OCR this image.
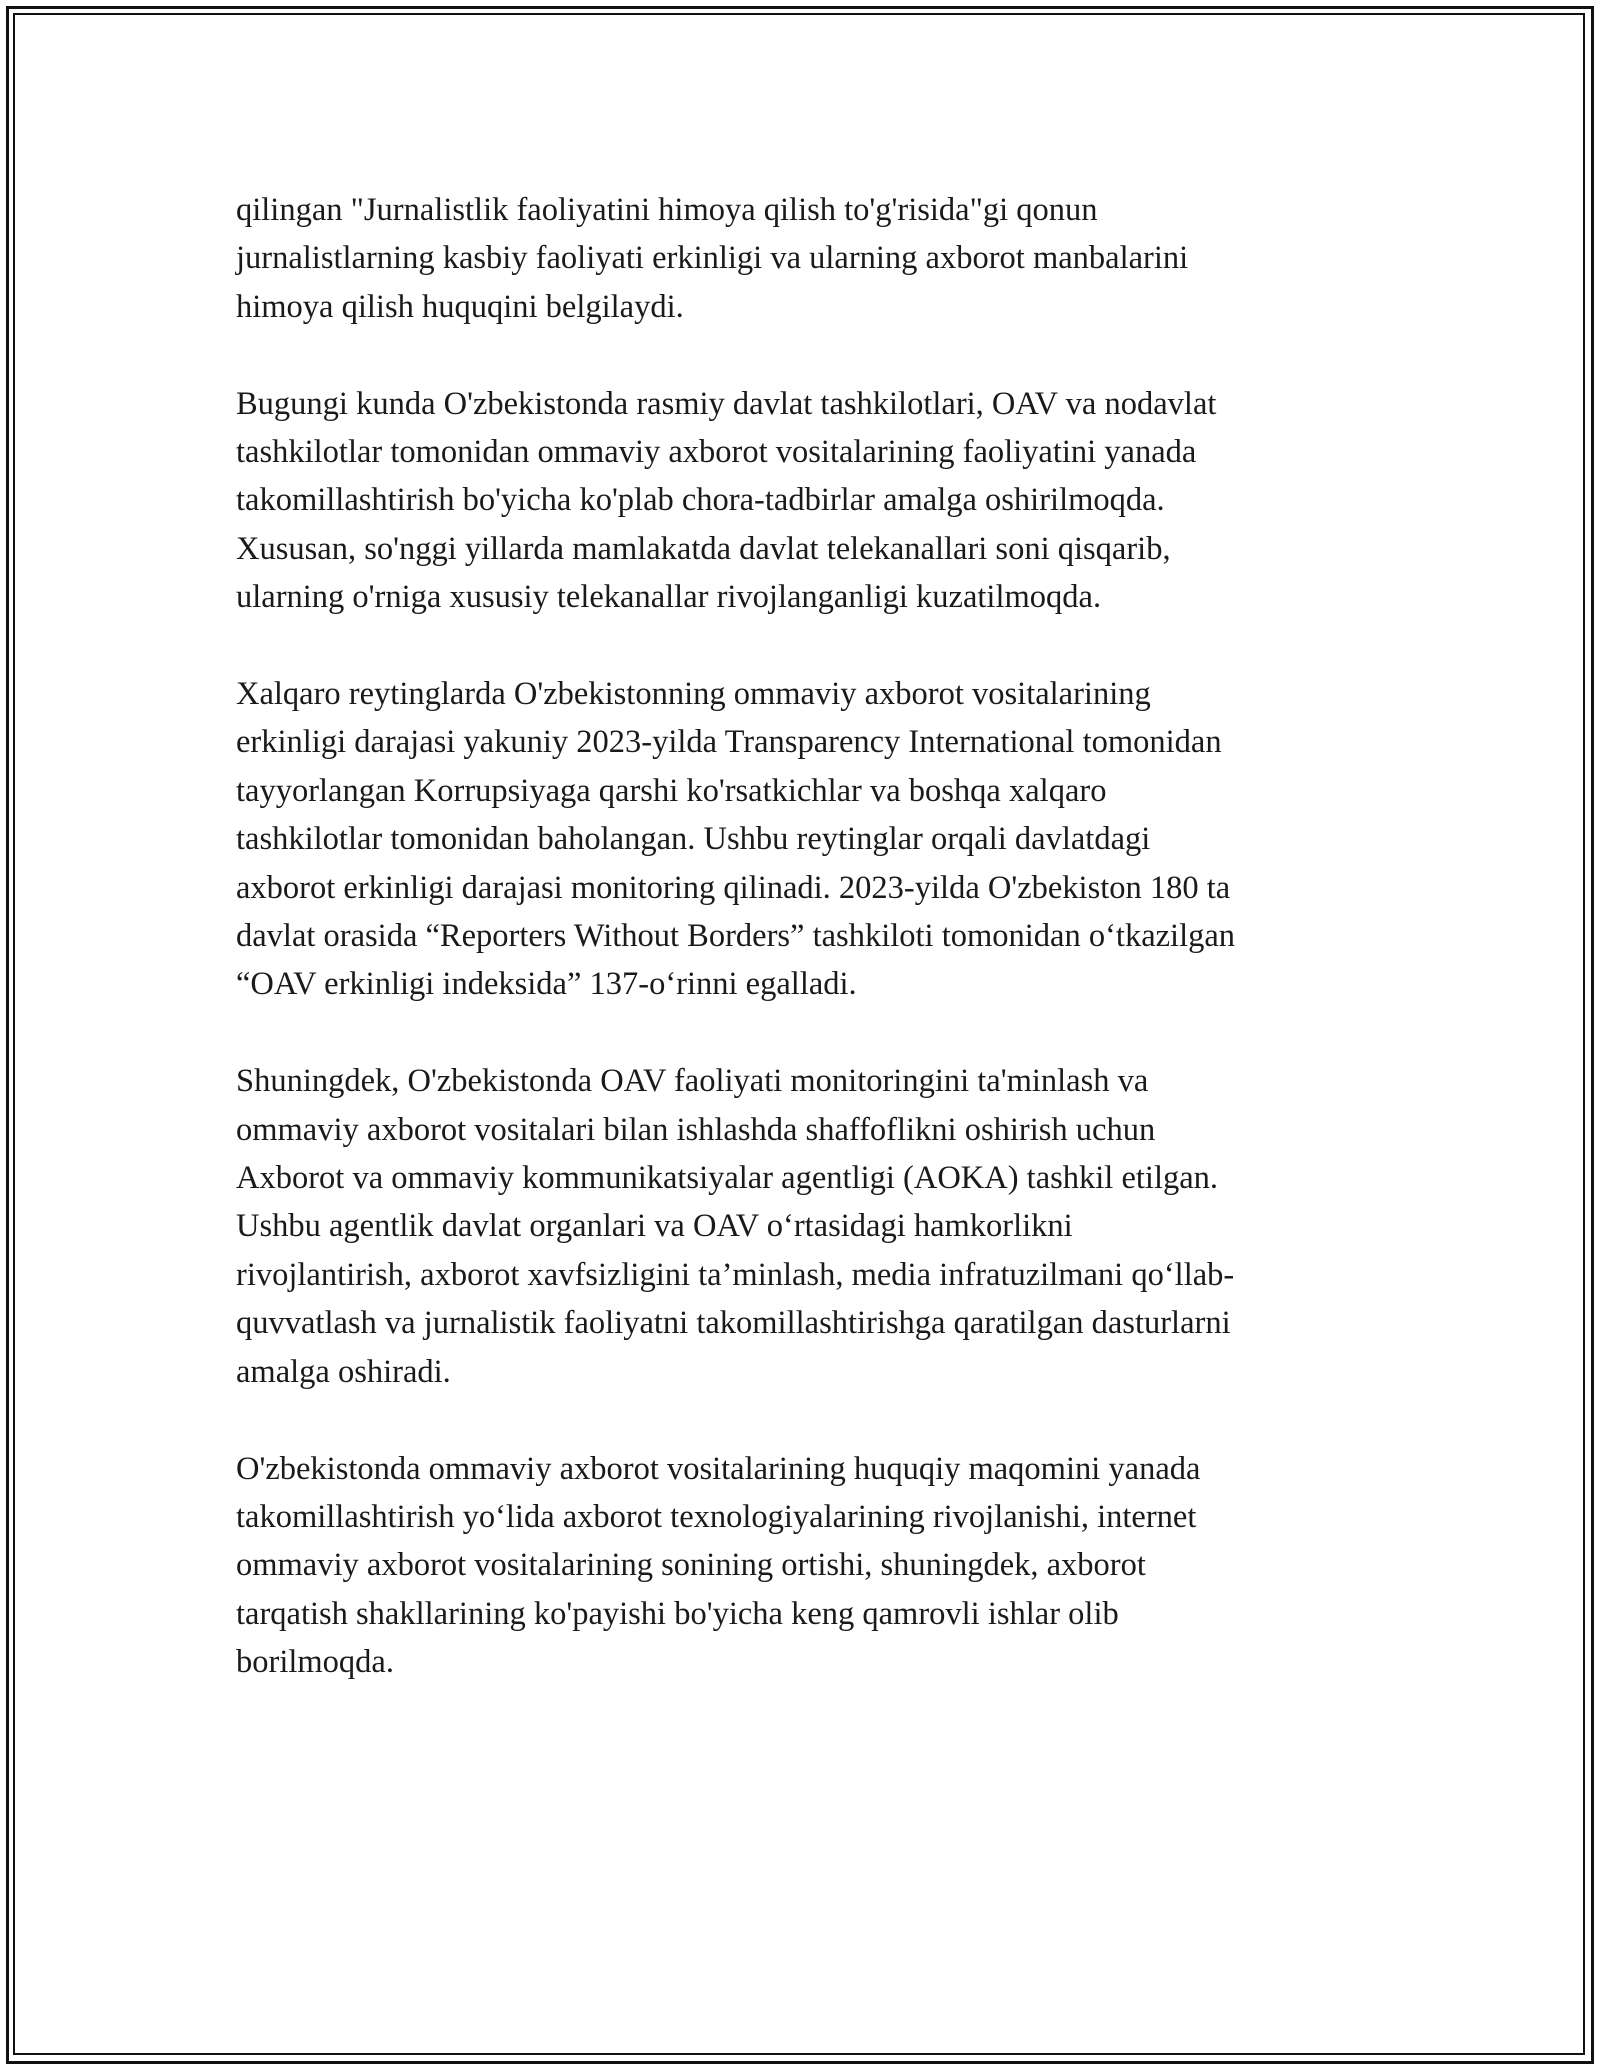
qilingan "Jurnalistlik faoliyatini himoya qilish to'g'risida"gi qonun
jurnalistlarning kasbiy faoliyati erkinligi va ularning axborot manbalarini
himoya qilish huquqini belgilaydi.

Bugungi kunda O'zbekistonda rasmiy davlat tashkilotlari, OAV va nodavlat
tashkilotlar tomonidan ommaviy axborot vositalarining faoliyatini yanada
takomillashtirish bo'yicha ko'plab chora-tadbirlar amalga oshirilmoqda.
Xususan, so'nggi yillarda mamlakatda davlat telekanallari soni qisqarib,
ularning o'rniga xususiy telekanallar rivojlanganligi kuzatilmoqda.

Xalqaro reytinglarda O'zbekistonning ommaviy axborot vositalarining
erkinligi darajasi yakuniy 2023-yilda Transparency International tomonidan
tayyorlangan Korrupsiyaga qarshi ko'rsatkichlar va boshqa xalqaro
tashkilotlar tomonidan baholangan. Ushbu reytinglar orqali davlatdagi
axborot erkinligi darajasi monitoring qilinadi. 2023-yilda O'zbekiston 180 ta
davlat orasida “Reporters Without Borders” tashkiloti tomonidan o‘tkazilgan
“OAV erkinligi indeksida” 137-o‘rinni egalladi.

Shuningdek, O'zbekistonda OAV faoliyati monitoringini ta'minlash va
ommaviy axborot vositalari bilan ishlashda shaffoflikni oshirish uchun
Axborot va ommaviy kommunikatsiyalar agentligi (AOKA) tashkil etilgan.
Ushbu agentlik davlat organlari va OAV o‘rtasidagi hamkorlikni
rivojlantirish, axborot xavfsizligini ta’minlash, media infratuzilmani qo‘llab-
quvvatlash va jurnalistik faoliyatni takomillashtirishga qaratilgan dasturlarni
amalga oshiradi.

O'zbekistonda ommaviy axborot vositalarining huquqiy maqomini yanada
takomillashtirish yo‘lida axborot texnologiyalarining rivojlanishi, internet
ommaviy axborot vositalarining sonining ortishi, shuningdek, axborot
tarqatish shakllarining ko'payishi bo'yicha keng qamrovli ishlar olib
borilmoqda.
